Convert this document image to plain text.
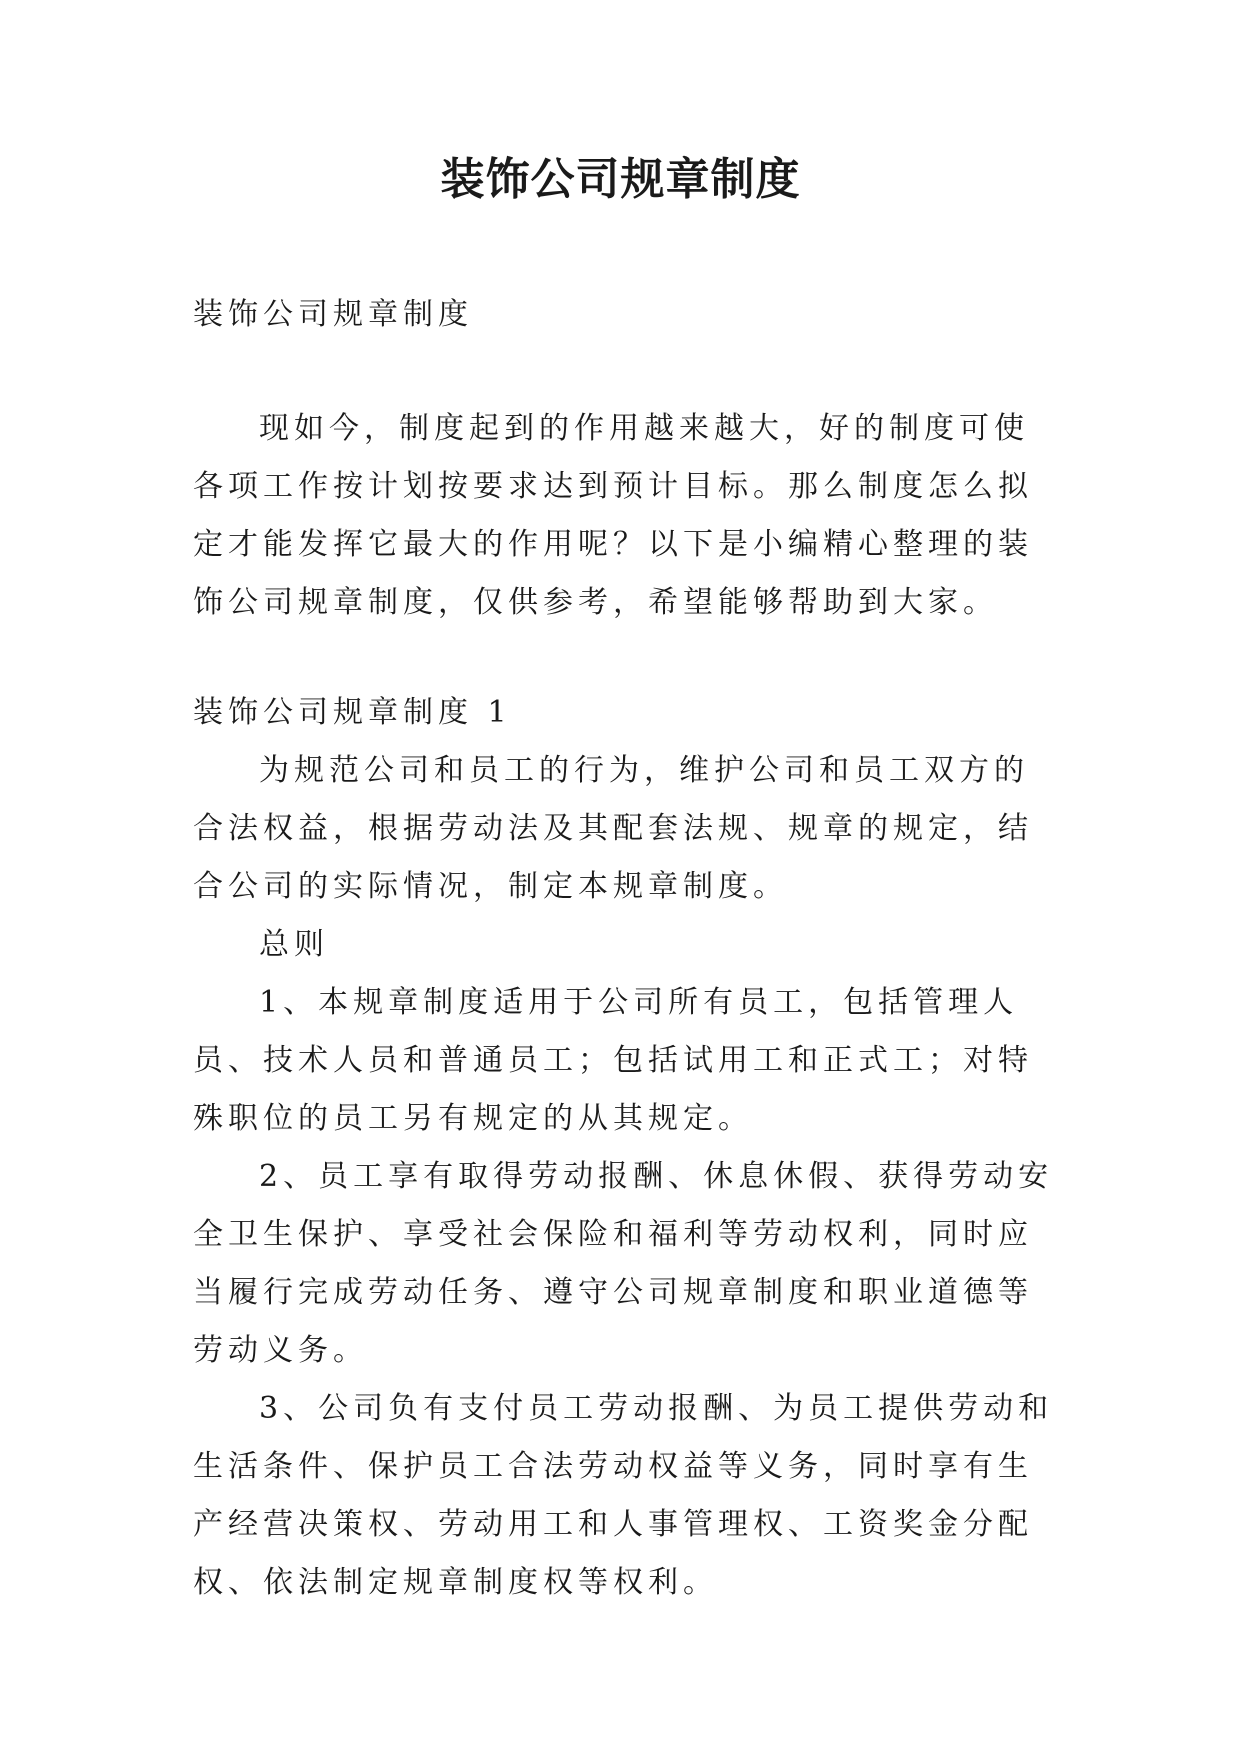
装饰公司规章制度

装饰公司规章制度

现如今，制度起到的作用越来越大，好的制度可使各项工作按计划按要求达到预计目标。那么制度怎么拟定才能发挥它最大的作用呢？以下是小编精心整理的装饰公司规章制度，仅供参考，希望能够帮助到大家。

装饰公司规章制度 1

为规范公司和员工的行为，维护公司和员工双方的合法权益，根据劳动法及其配套法规、规章的规定，结合公司的实际情况，制定本规章制度。

总则

1、本规章制度适用于公司所有员工，包括管理人员、技术人员和普通员工；包括试用工和正式工；对特殊职位的员工另有规定的从其规定。

2、员工享有取得劳动报酬、休息休假、获得劳动安全卫生保护、享受社会保险和福利等劳动权利，同时应当履行完成劳动任务、遵守公司规章制度和职业道德等劳动义务。

3、公司负有支付员工劳动报酬、为员工提供劳动和生活条件、保护员工合法劳动权益等义务，同时享有生产经营决策权、劳动用工和人事管理权、工资奖金分配权、依法制定规章制度权等权利。
